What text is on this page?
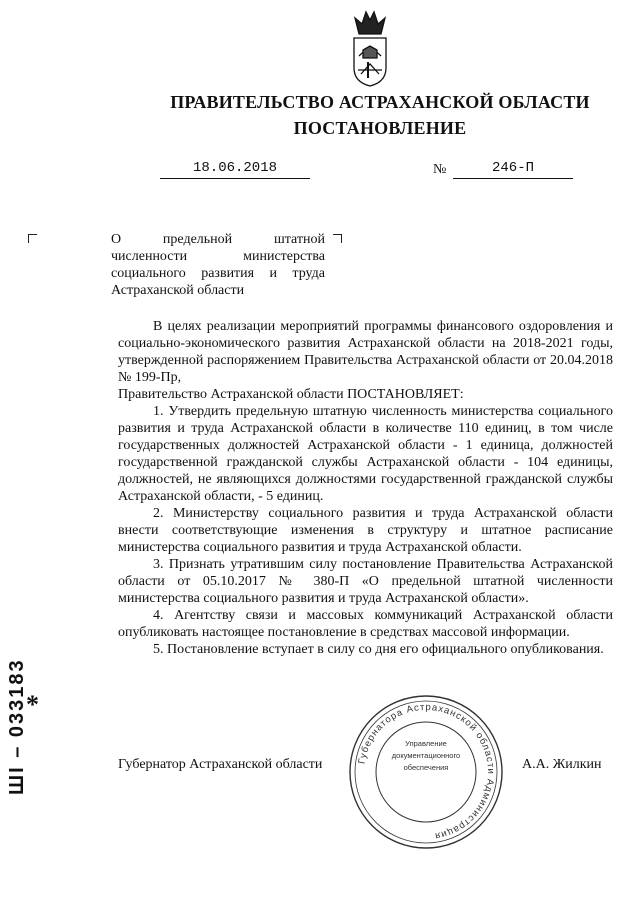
ПРАВИТЕЛЬСТВО АСТРАХАНСКОЙ ОБЛАСТИ
ПОСТАНОВЛЕНИЕ
18.06.2018	№	246-П
О предельной штатной
численности министерства
социального развития и труда
Астраханской области

В целях реализации мероприятий программы финансового оздоровления и социально-экономического развития Астраханской области на 2018-2021 годы, утвержденной распоряжением Правительства Астраханской области от 20.04.2018 № 199-Пр,

Правительство Астраханской области ПОСТАНОВЛЯЕТ:

1. Утвердить предельную штатную численность министерства социального развития и труда Астраханской области в количестве 110 единиц, в том числе государственных должностей Астраханской области - 1 единица, должностей государственной гражданской службы Астраханской области - 104 единицы, должностей, не являющихся должностями государственной гражданской службы Астраханской области, - 5 единиц.

2. Министерству социального развития и труда Астраханской области внести соответствующие изменения в структуру и штатное расписание министерства социального развития и труда Астраханской области.

3. Признать утратившим силу постановление Правительства Астраханской области от 05.10.2017 № 380-П «О предельной штатной численности министерства социального развития и труда Астраханской области».

4. Агентству связи и массовых коммуникаций Астраханской области опубликовать настоящее постановление в средствах массовой информации.

5. Постановление вступает в силу со дня его официального опубликования.

Губернатор Астраханской области	А.А. Жилкин
Губернатора Астраханской области Администрация
Управление
документационного
обеспечения
ШI – 033183
*
